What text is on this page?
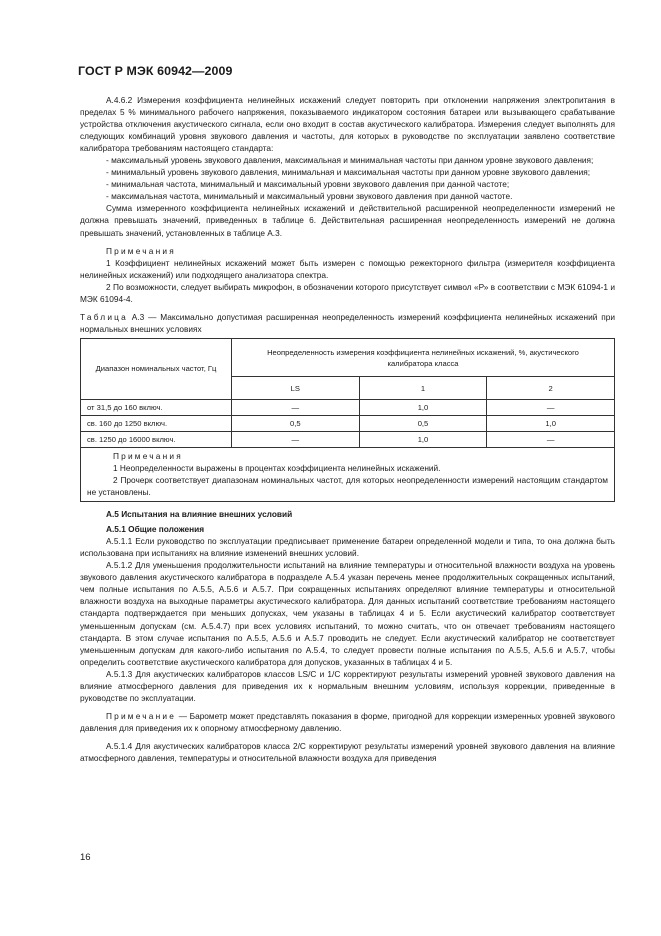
ГОСТ Р МЭК 60942—2009

А.4.6.2 Измерения коэффициента нелинейных искажений следует повторить при отклонении напряжения электропитания в пределах 5 % минимального рабочего напряжения, показываемого индикатором состояния батареи или вызывающего срабатывание устройства отключения акустического сигнала, если оно входит в состав акустического калибратора. Измерения следует выполнять для следующих комбинаций уровня звукового давления и частоты, для которых в руководстве по эксплуатации заявлено соответствие калибратора требованиям настоящего стандарта:

- максимальный уровень звукового давления, максимальная и минимальная частоты при данном уровне звукового давления;

- минимальный уровень звукового давления, минимальная и максимальная частоты при данном уровне звукового давления;

- минимальная частота, минимальный и максимальный уровни звукового давления при данной частоте;

- максимальная частота, минимальный и максимальный уровни звукового давления при данной частоте.

Сумма измеренного коэффициента нелинейных искажений и действительной расширенной неопределенности измерений не должна превышать значений, приведенных в таблице 6. Действительная расширенная неопределенность измерений не должна превышать значений, установленных в таблице А.3.

Примечания

1 Коэффициент нелинейных искажений может быть измерен с помощью режекторного фильтра (измерителя коэффициента нелинейных искажений) или подходящего анализатора спектра.

2 По возможности, следует выбирать микрофон, в обозначении которого присутствует символ «Р» в соответствии с МЭК 61094-1 и МЭК 61094-4.

Таблица А.3 — Максимально допустимая расширенная неопределенность измерений коэффициента нелинейных искажений при нормальных внешних условиях

Диапазон номинальных частот, Гц	Неопределенность измерения коэффициента нелинейных искажений, %, акустического калибратора класса		
	LS	1	2
от 31,5 до 160 включ.	—	1,0	—
св. 160 до 1250 включ.	0,5	0,5	1,0
св. 1250 до 16000 включ.	—	1,0	—

Примечания

1 Неопределенности выражены в процентах коэффициента нелинейных искажений.

2 Прочерк соответствует диапазонам номинальных частот, для которых неопределенности измерений настоящим стандартом не установлены.

А.5 Испытания на влияние внешних условий

А.5.1 Общие положения

А.5.1.1 Если руководство по эксплуатации предписывает применение батареи определенной модели и типа, то она должна быть использована при испытаниях на влияние изменений внешних условий.

А.5.1.2 Для уменьшения продолжительности испытаний на влияние температуры и относительной влажности воздуха на уровень звукового давления акустического калибратора в подразделе А.5.4 указан перечень менее продолжительных сокращенных испытаний, чем полные испытания по А.5.5, А.5.6 и А.5.7. При сокращенных испытаниях определяют влияние температуры и относительной влажности воздуха на выходные параметры акустического калибратора. Для данных испытаний соответствие требованиям настоящего стандарта подтверждается при меньших допусках, чем указаны в таблицах 4 и 5. Если акустический калибратор соответствует уменьшенным допускам (см. А.5.4.7) при всех условиях испытаний, то можно считать, что он отвечает требованиям настоящего стандарта. В этом случае испытания по А.5.5, А.5.6 и А.5.7 проводить не следует. Если акустический калибратор не соответствует уменьшенным допускам для какого-либо испытания по А.5.4, то следует провести полные испытания по А.5.5, А.5.6 и А.5.7, чтобы определить соответствие акустического калибратора для допусков, указанных в таблицах 4 и 5.

А.5.1.3 Для акустических калибраторов классов LS/C и 1/C корректируют результаты измерений уровней звукового давления на влияние атмосферного давления для приведения их к нормальным внешним условиям, используя коррекции, приведенные в руководстве по эксплуатации.

Примечание — Барометр может представлять показания в форме, пригодной для коррекции измеренных уровней звукового давления для приведения их к опорному атмосферному давлению.

А.5.1.4 Для акустических калибраторов класса 2/С корректируют результаты измерений уровней звукового давления на влияние атмосферного давления, температуры и относительной влажности воздуха для приведения

16
